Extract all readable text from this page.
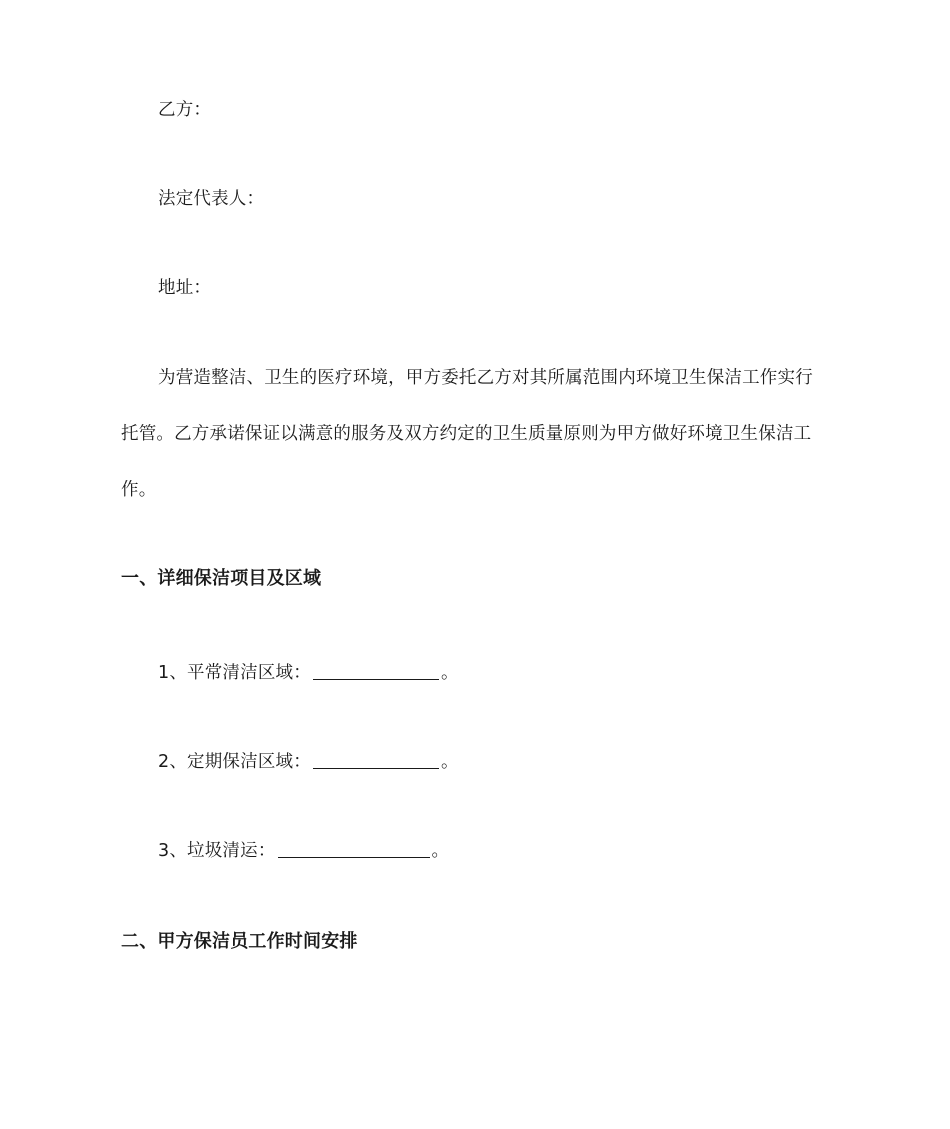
乙方：
法定代表人：
地址：
为营造整洁、卫生的医疗环境，甲方委托乙方对其所属范围内环境卫生保洁工作实行
托管。乙方承诺保证以满意的服务及双方约定的卫生质量原则为甲方做好环境卫生保洁工
作。
一、详细保洁项目及区域
1、平常清洁区域：	。
2、定期保洁区域：	。
3、垃圾清运：	。
二、甲方保洁员工作时间安排
